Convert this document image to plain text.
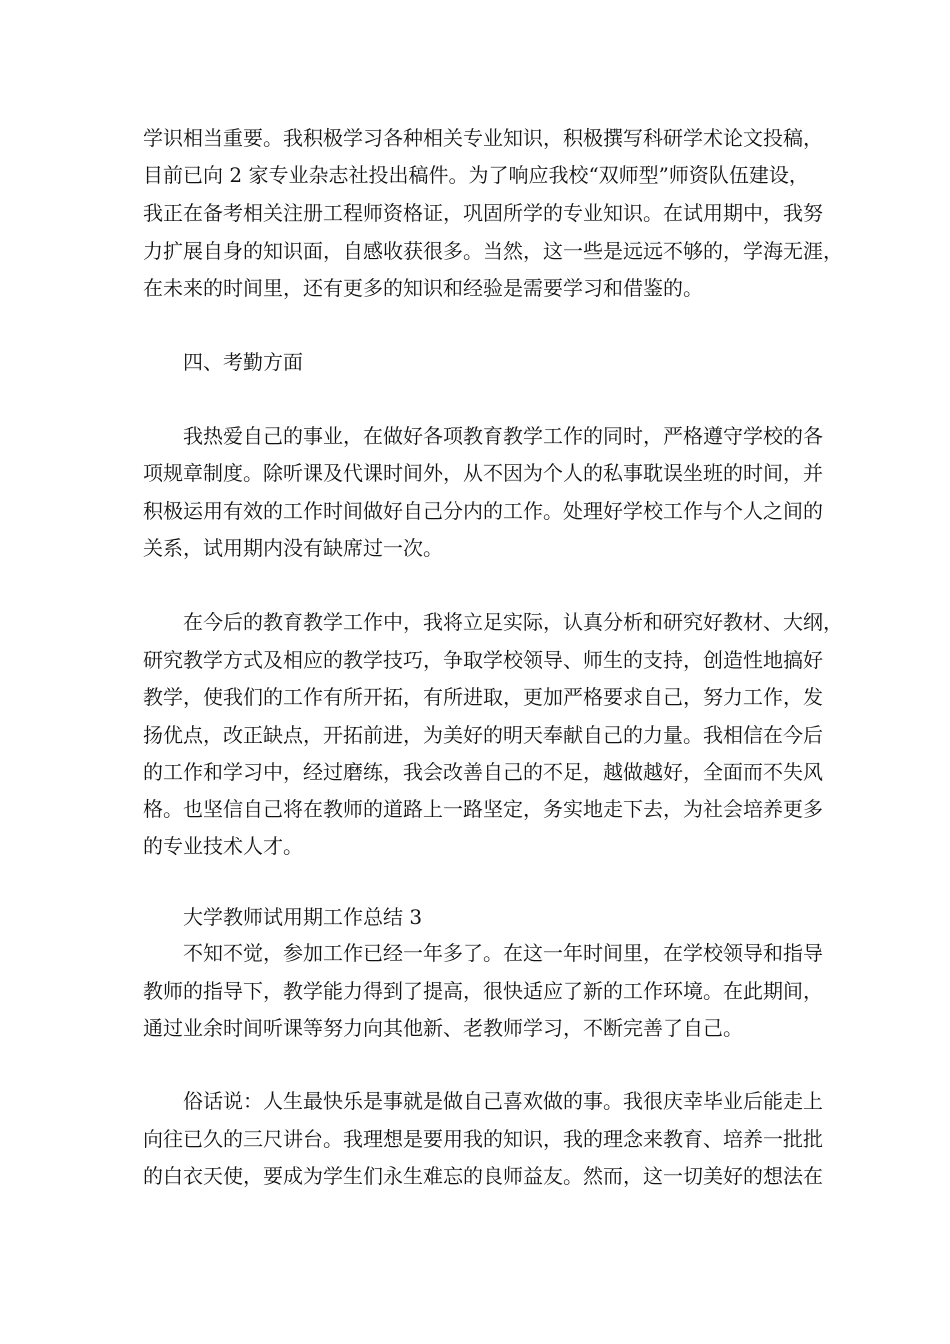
学识相当重要。我积极学习各种相关专业知识，积极撰写科研学术论文投稿，
目前已向 2 家专业杂志社投出稿件。为了响应我校“双师型”师资队伍建设，
我正在备考相关注册工程师资格证，巩固所学的专业知识。在试用期中，我努
力扩展自身的知识面，自感收获很多。当然，这一些是远远不够的，学海无涯，
在未来的时间里，还有更多的知识和经验是需要学习和借鉴的。
四、考勤方面
我热爱自己的事业，在做好各项教育教学工作的同时，严格遵守学校的各
项规章制度。除听课及代课时间外，从不因为个人的私事耽误坐班的时间，并
积极运用有效的工作时间做好自己分内的工作。处理好学校工作与个人之间的
关系，试用期内没有缺席过一次。
在今后的教育教学工作中，我将立足实际，认真分析和研究好教材、大纲，
研究教学方式及相应的教学技巧，争取学校领导、师生的支持，创造性地搞好
教学，使我们的工作有所开拓，有所进取，更加严格要求自己，努力工作，发
扬优点，改正缺点，开拓前进，为美好的明天奉献自己的力量。我相信在今后
的工作和学习中，经过磨练，我会改善自己的不足，越做越好，全面而不失风
格。也坚信自己将在教师的道路上一路坚定，务实地走下去，为社会培养更多
的专业技术人才。
大学教师试用期工作总结 3
不知不觉，参加工作已经一年多了。在这一年时间里，在学校领导和指导
教师的指导下，教学能力得到了提高，很快适应了新的工作环境。在此期间，
通过业余时间听课等努力向其他新、老教师学习，不断完善了自己。
俗话说：人生最快乐是事就是做自己喜欢做的事。我很庆幸毕业后能走上
向往已久的三尺讲台。我理想是要用我的知识，我的理念来教育、培养一批批
的白衣天使，要成为学生们永生难忘的良师益友。然而，这一切美好的想法在
